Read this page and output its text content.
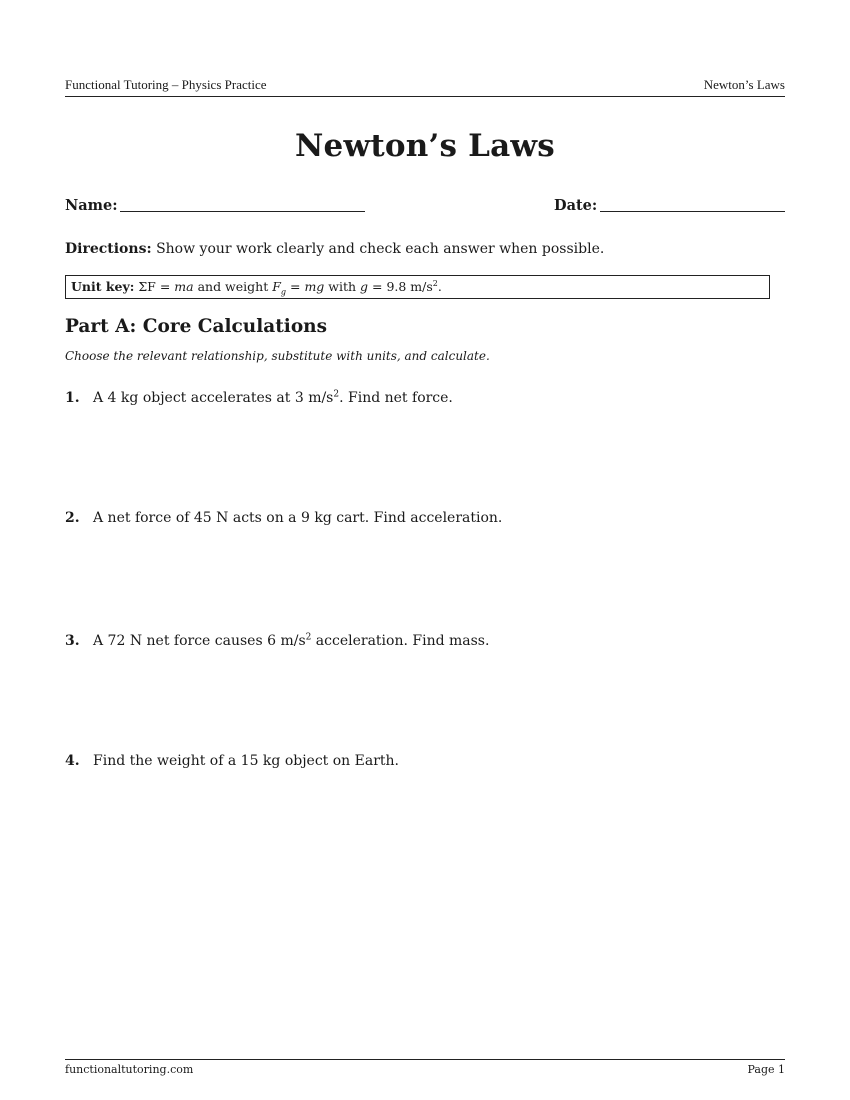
Functional Tutoring – Physics Practice	Newton’s Laws
Newton’s Laws
Name:	Date:
Directions: Show your work clearly and check each answer when possible.
Unit key: ΣF = ma and weight $F_g$ = mg with g = 9.8 $m/s^2$.
Part A: Core Calculations
Choose the relevant relationship, substitute with units, and calculate.
1. A 4 kg object accelerates at 3 $m/s^2$. Find net force.
2. A net force of 45 N acts on a 9 kg cart. Find acceleration.
3. A 72 N net force causes 6 $m/s^2$ acceleration. Find mass.
4. Find the weight of a 15 kg object on Earth.
functionaltutoring.com	Page 1
